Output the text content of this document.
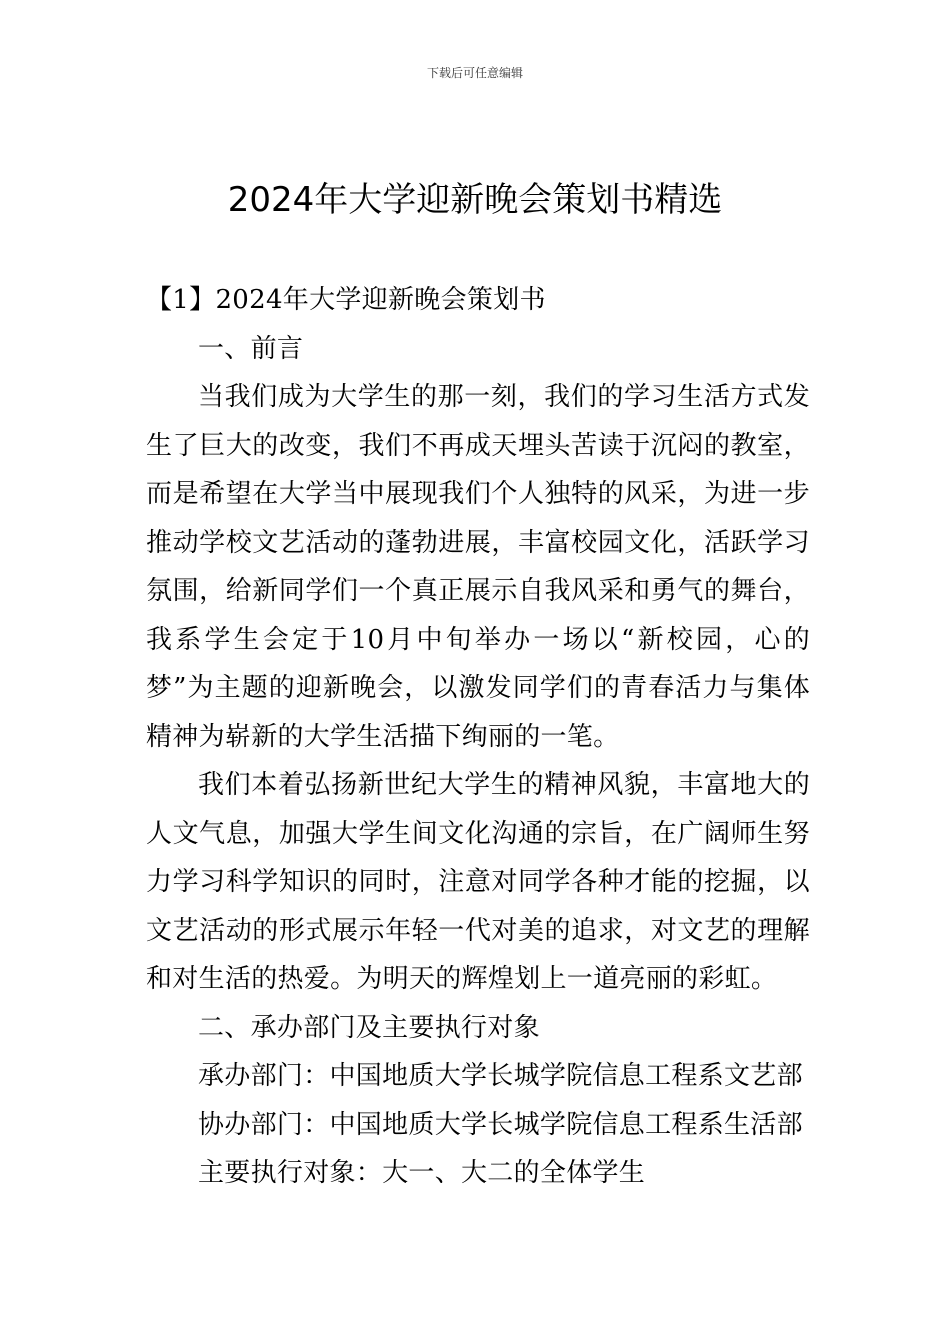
下载后可任意编辑
2024年大学迎新晚会策划书精选

【1】2024年大学迎新晚会策划书

一、前言

当我们成为大学生的那一刻，我们的学习生活方式发生了巨大的改变，我们不再成天埋头苦读于沉闷的教室，而是希望在大学当中展现我们个人独特的风采，为进一步推动学校文艺活动的蓬勃进展，丰富校园文化，活跃学习氛围，给新同学们一个真正展示自我风采和勇气的舞台，我系学生会定于10月中旬举办一场以“新校园，心的梦”为主题的迎新晚会，以激发同学们的青春活力与集体精神为崭新的大学生活描下绚丽的一笔。

我们本着弘扬新世纪大学生的精神风貌，丰富地大的人文气息，加强大学生间文化沟通的宗旨，在广阔师生努力学习科学知识的同时，注意对同学各种才能的挖掘，以文艺活动的形式展示年轻一代对美的追求，对文艺的理解和对生活的热爱。为明天的辉煌划上一道亮丽的彩虹。

二、承办部门及主要执行对象

承办部门：中国地质大学长城学院信息工程系文艺部

协办部门：中国地质大学长城学院信息工程系生活部

主要执行对象：大一、大二的全体学生
